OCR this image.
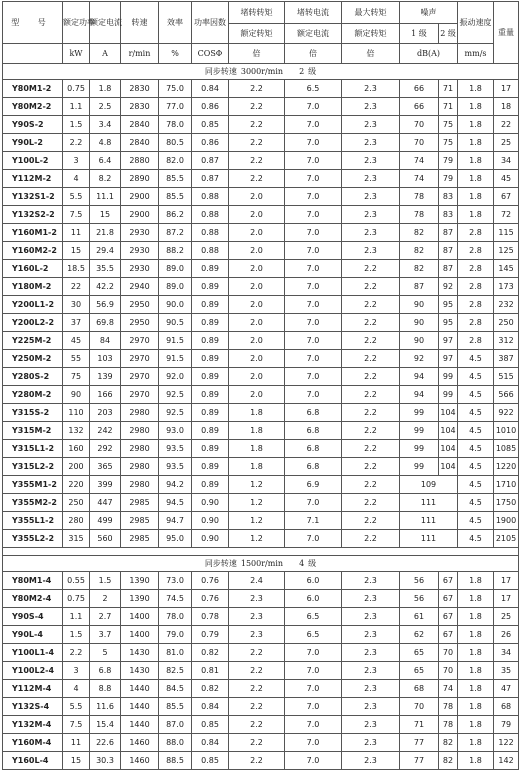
型 号	额定功率	额定电流	转速	效率	功率因数	堵转转矩	堵转电流	最大转矩	噪声		振动速度	重量
						额定转矩	额定电流	额定转矩	1 级	2 级		
	kW	A	r/min	%	COSΦ	倍	倍	倍	dB(A)		mm/s	
同步转速 3000r/min 2 级												
Y80M1-2	0.75	1.8	2830	75.0	0.84	2.2	6.5	2.3	66	71	1.8	17
Y80M2-2	1.1	2.5	2830	77.0	0.86	2.2	7.0	2.3	66	71	1.8	18
Y90S-2	1.5	3.4	2840	78.0	0.85	2.2	7.0	2.3	70	75	1.8	22
Y90L-2	2.2	4.8	2840	80.5	0.86	2.2	7.0	2.3	70	75	1.8	25
Y100L-2	3	6.4	2880	82.0	0.87	2.2	7.0	2.3	74	79	1.8	34
Y112M-2	4	8.2	2890	85.5	0.87	2.2	7.0	2.3	74	79	1.8	45
Y132S1-2	5.5	11.1	2900	85.5	0.88	2.0	7.0	2.3	78	83	1.8	67
Y132S2-2	7.5	15	2900	86.2	0.88	2.0	7.0	2.3	78	83	1.8	72
Y160M1-2	11	21.8	2930	87.2	0.88	2.0	7.0	2.3	82	87	2.8	115
Y160M2-2	15	29.4	2930	88.2	0.88	2.0	7.0	2.3	82	87	2.8	125
Y160L-2	18.5	35.5	2930	89.0	0.89	2.0	7.0	2.2	82	87	2.8	145
Y180M-2	22	42.2	2940	89.0	0.89	2.0	7.0	2.2	87	92	2.8	173
Y200L1-2	30	56.9	2950	90.0	0.89	2.0	7.0	2.2	90	95	2.8	232
Y200L2-2	37	69.8	2950	90.5	0.89	2.0	7.0	2.2	90	95	2.8	250
Y225M-2	45	84	2970	91.5	0.89	2.0	7.0	2.2	90	97	2.8	312
Y250M-2	55	103	2970	91.5	0.89	2.0	7.0	2.2	92	97	4.5	387
Y280S-2	75	139	2970	92.0	0.89	2.0	7.0	2.2	94	99	4.5	515
Y280M-2	90	166	2970	92.5	0.89	2.0	7.0	2.2	94	99	4.5	566
Y315S-2	110	203	2980	92.5	0.89	1.8	6.8	2.2	99	104	4.5	922
Y315M-2	132	242	2980	93.0	0.89	1.8	6.8	2.2	99	104	4.5	1010
Y315L1-2	160	292	2980	93.5	0.89	1.8	6.8	2.2	99	104	4.5	1085
Y315L2-2	200	365	2980	93.5	0.89	1.8	6.8	2.2	99	104	4.5	1220
Y355M1-2	220	399	2980	94.2	0.89	1.2	6.9	2.2	109		4.5	1710
Y355M2-2	250	447	2985	94.5	0.90	1.2	7.0	2.2	111		4.5	1750
Y355L1-2	280	499	2985	94.7	0.90	1.2	7.1	2.2	111		4.5	1900
Y355L2-2	315	560	2985	95.0	0.90	1.2	7.0	2.2	111		4.5	2105

同步转速 1500r/min 4 级												
Y80M1-4	0.55	1.5	1390	73.0	0.76	2.4	6.0	2.3	56	67	1.8	17
Y80M2-4	0.75	2	1390	74.5	0.76	2.3	6.0	2.3	56	67	1.8	17
Y90S-4	1.1	2.7	1400	78.0	0.78	2.3	6.5	2.3	61	67	1.8	25
Y90L-4	1.5	3.7	1400	79.0	0.79	2.3	6.5	2.3	62	67	1.8	26
Y100L1-4	2.2	5	1430	81.0	0.82	2.2	7.0	2.3	65	70	1.8	34
Y100L2-4	3	6.8	1430	82.5	0.81	2.2	7.0	2.3	65	70	1.8	35
Y112M-4	4	8.8	1440	84.5	0.82	2.2	7.0	2.3	68	74	1.8	47
Y132S-4	5.5	11.6	1440	85.5	0.84	2.2	7.0	2.3	70	78	1.8	68
Y132M-4	7.5	15.4	1440	87.0	0.85	2.2	7.0	2.3	71	78	1.8	79
Y160M-4	11	22.6	1460	88.0	0.84	2.2	7.0	2.3	77	82	1.8	122
Y160L-4	15	30.3	1460	88.5	0.85	2.2	7.0	2.3	77	82	1.8	142
